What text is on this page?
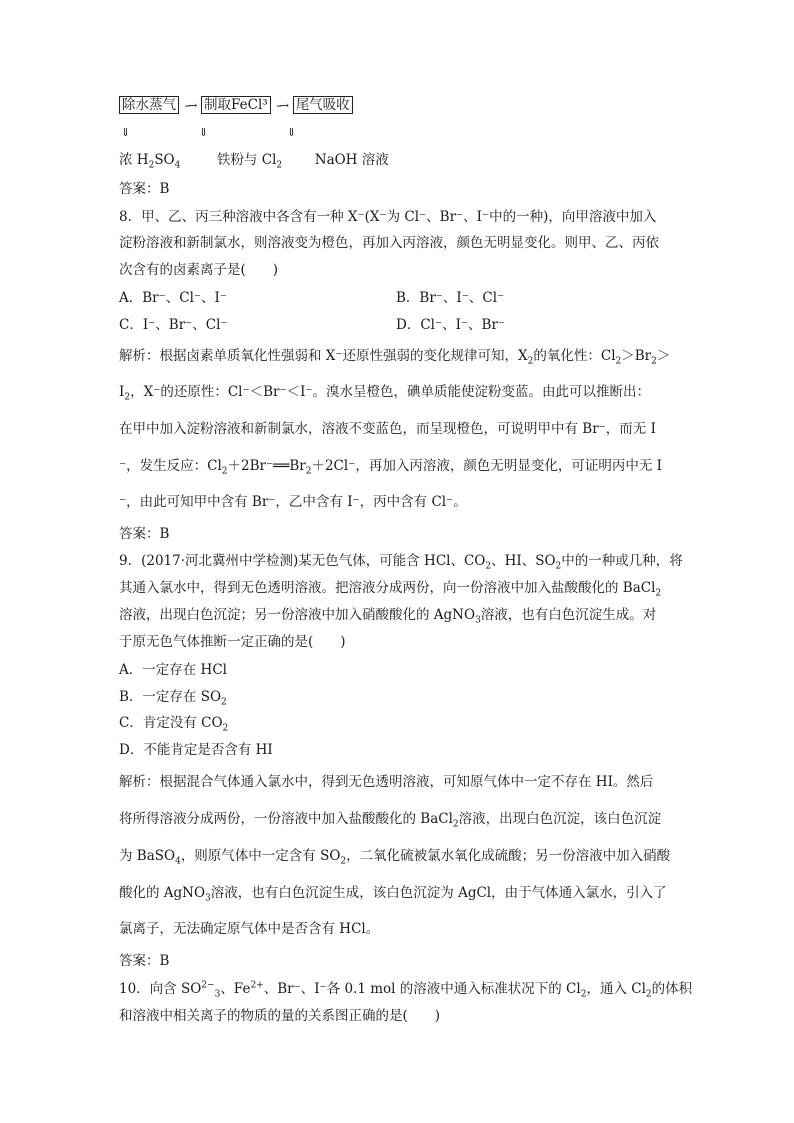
除水蒸气 --→ 制取FeCl³ --→ 尾气吸收
⇓	⇓	⇓
浓 $H_2SO_4$	铁粉与 $Cl_2$ NaOH 溶液
答案：B
8．甲、乙、丙三种溶液中各含有一种 X⁻(X⁻为 Cl⁻、Br⁻、I⁻中的一种)，向甲溶液中加入
淀粉溶液和新制氯水，则溶液变为橙色，再加入丙溶液，颜色无明显变化。则甲、乙、丙依
次含有的卤素离子是(　　)
A．Br⁻、Cl⁻、I⁻	B．Br⁻、I⁻、Cl⁻
C．I⁻、Br⁻、Cl⁻	D．Cl⁻、I⁻、Br⁻
解析：根据卤素单质氧化性强弱和 X⁻还原性强弱的变化规律可知，$X_2$的氧化性：$Cl_2>Br_2>$
$I_2$，X⁻的还原性：Cl⁻＜Br⁻＜I⁻。溴水呈橙色，碘单质能使淀粉变蓝。由此可以推断出：
在甲中加入淀粉溶液和新制氯水，溶液不变蓝色，而呈现橙色，可说明甲中有 Br⁻，而无 I
⁻，发生反应：$Cl_2+2Br^-══Br_2+2Cl^-$，再加入丙溶液，颜色无明显变化，可证明丙中无 I
⁻，由此可知甲中含有 Br⁻，乙中含有 I⁻，丙中含有 Cl⁻。
答案：B
9．(2017·河北冀州中学检测)某无色气体，可能含 HCl、$CO_2$、HI、$SO_2$中的一种或几种，将
其通入氯水中，得到无色透明溶液。把溶液分成两份，向一份溶液中加入盐酸酸化的 BaCl$_2$
溶液，出现白色沉淀；另一份溶液中加入硝酸酸化的 AgNO$_3$溶液，也有白色沉淀生成。对
于原无色气体推断一定正确的是(　　)
A．一定存在 HCl
B．一定存在 $SO_2$
C．肯定没有 $CO_2$
D．不能肯定是否含有 HI
解析：根据混合气体通入氯水中，得到无色透明溶液，可知原气体中一定不存在 HI。然后
将所得溶液分成两份，一份溶液中加入盐酸酸化的 BaCl$_2$溶液，出现白色沉淀，该白色沉淀
为 BaSO$_4$，则原气体中一定含有 $SO_2$，二氧化硫被氯水氧化成硫酸；另一份溶液中加入硝酸
酸化的 AgNO$_3$溶液，也有白色沉淀生成，该白色沉淀为 AgCl，由于气体通入氯水，引入了
氯离子，无法确定原气体中是否含有 HCl。
答案：B
10．向含 $SO^{2-}_3$、$Fe^{2+}$、Br⁻、I⁻各 0.1 mol 的溶液中通入标准状况下的 $Cl_2$，通入 $Cl_2$的体积
和溶液中相关离子的物质的量的关系图正确的是(　　)
